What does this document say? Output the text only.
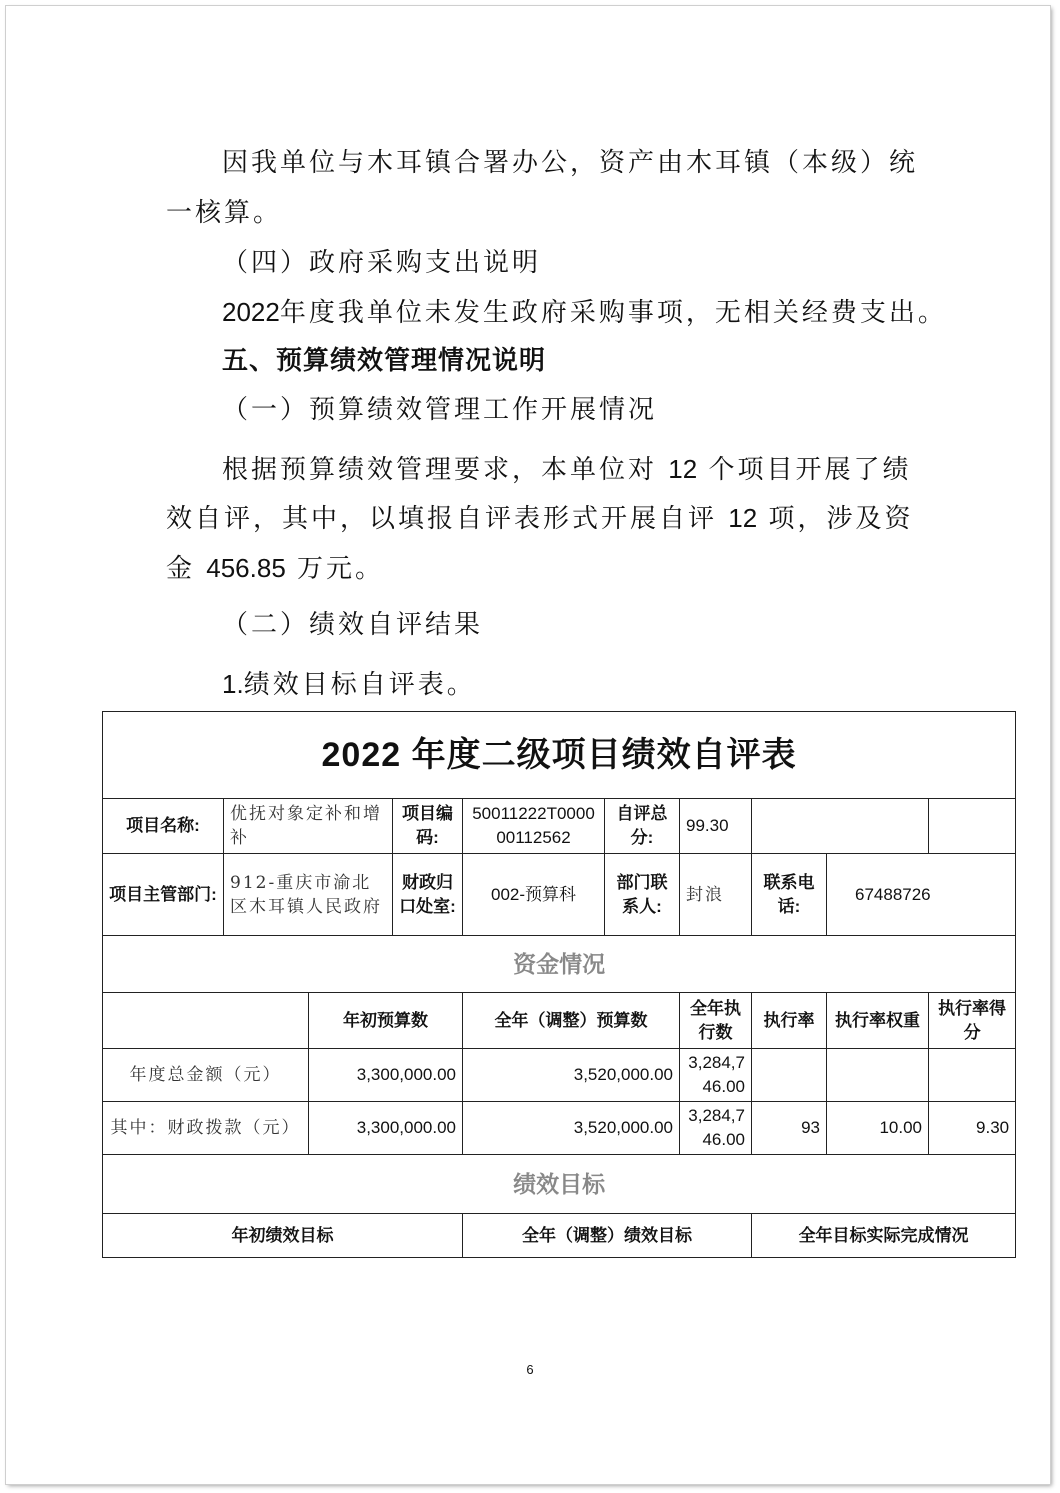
因我单位与木耳镇合署办公，资产由木耳镇（本级）统
一核算。
（四）政府采购支出说明
2022年度我单位未发生政府采购事项，无相关经费支出。
五、预算绩效管理情况说明
（一）预算绩效管理工作开展情况
根据预算绩效管理要求，本单位对 12 个项目开展了绩
效自评，其中，以填报自评表形式开展自评 12 项，涉及资
金 456.85 万元。
（二）绩效自评结果
1.绩效目标自评表。
2022 年度二级项目绩效自评表									
项目名称:	优抚对象定补和增补		项目编码:	50011222T000000112562	自评总分:	99.30			
项目主管部门:	912-重庆市渝北区木耳镇人民政府		财政归口处室:	002-预算科	部门联系人:	封浪	联系电话:	67488726	
资金情况									
		年初预算数		全年（调整）预算数		全年执行数	执行率	执行率权重	执行率得分
年度总金额（元）		3,300,000.00		3,520,000.00		3,284,746.00			
其中：财政拨款（元）		3,300,000.00		3,520,000.00		3,284,746.00	93	10.00	9.30
绩效目标									
年初绩效目标				全年（调整）绩效目标			全年目标实际完成情况		
6
